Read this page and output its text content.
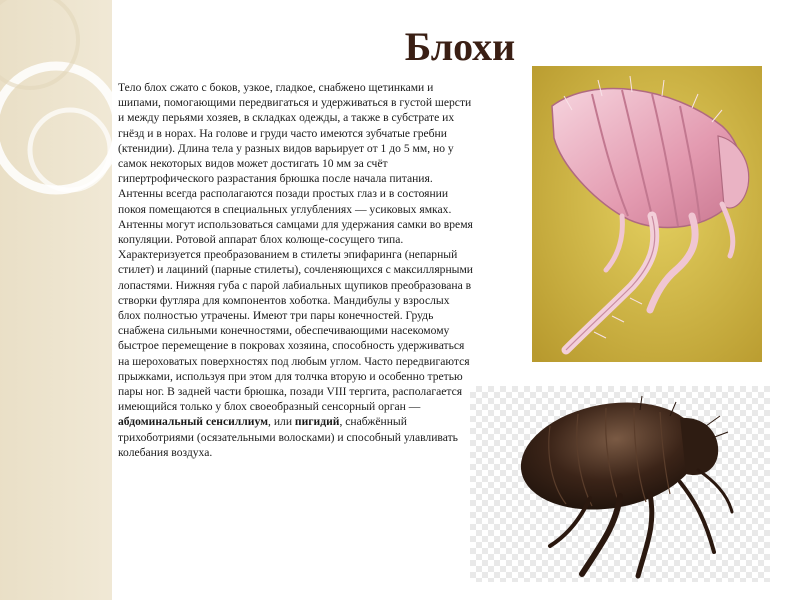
Блохи
Тело блох сжато с боков, узкое, гладкое, снабжено щетинками и шипами, помогающими передвигаться и удерживаться в густой шерсти и между перьями хозяев, в складках одежды, а также в субстрате их гнёзд и в норах. На голове и груди часто имеются зубчатые гребни (ктенидии). Длина тела у разных видов варьирует от 1 до 5 мм, но у самок некоторых видов может достигать 10 мм за счёт гипертрофического разрастания брюшка после начала питания. Антенны всегда располагаются позади простых глаз и в состоянии покоя помещаются в специальных углублениях — усиковых ямках. Антенны могут использоваться самцами для удержания самки во время копуляции. Ротовой аппарат блох колюще-сосущего типа. Характеризуется преобразованием в стилеты эпифаринга (непарный стилет) и лациний (парные стилеты), сочленяющихся с максиллярными лопастями. Нижняя губа с парой лабиальных щупиков преобразована в створки футляра для компонентов хоботка. Мандибулы у взрослых блох полностью утрачены. Имеют три пары конечностей. Грудь снабжена сильными конечностями, обеспечивающими насекомому быстрое перемещение в покровах хозяина, способность удерживаться на шероховатых поверхностях под любым углом. Часто передвигаются прыжками, используя при этом для толчка вторую и особенно третью пары ног. В задней части брюшка, позади VIII тергита, располагается имеющийся только у блох своеобразный сенсорный орган — абдоминальный сенсиллиум, или пигидий, снабжённый трихоботриями (осязательными волосками) и способный улавливать колебания воздуха.
